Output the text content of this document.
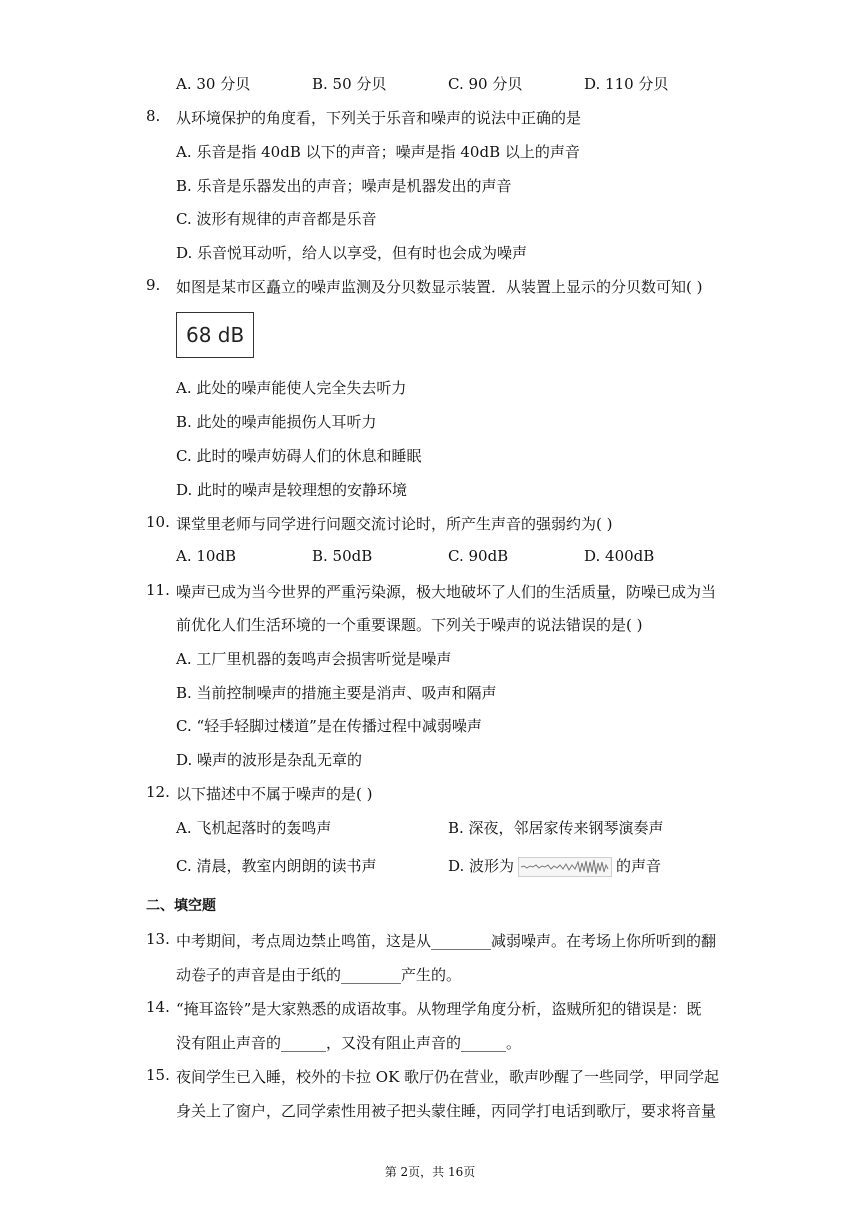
A. 30 分贝	B. 50 分贝	C. 90 分贝	D. 110 分贝
8. 从环境保护的角度看，下列关于乐音和噪声的说法中正确的是
A. 乐音是指 40dB 以下的声音；噪声是指 40dB 以上的声音
B. 乐音是乐器发出的声音；噪声是机器发出的声音
C. 波形有规律的声音都是乐音
D. 乐音悦耳动听，给人以享受，但有时也会成为噪声
9. 如图是某市区矗立的噪声监测及分贝数显示装置．从装置上显示的分贝数可知( )
68 dB
A. 此处的噪声能使人完全失去听力
B. 此处的噪声能损伤人耳听力
C. 此时的噪声妨碍人们的休息和睡眠
D. 此时的噪声是较理想的安静环境
10. 课堂里老师与同学进行问题交流讨论时，所产生声音的强弱约为( )
A. 10dB	B. 50dB	C. 90dB	D. 400dB
11. 噪声已成为当今世界的严重污染源，极大地破坏了人们的生活质量，防噪已成为当
前优化人们生活环境的一个重要课题。下列关于噪声的说法错误的是( )
A. 工厂里机器的轰鸣声会损害听觉是噪声
B. 当前控制噪声的措施主要是消声、吸声和隔声
C. “轻手轻脚过楼道”是在传播过程中减弱噪声
D. 噪声的波形是杂乱无章的
12. 以下描述中不属于噪声的是( )
A. 飞机起落时的轰鸣声	B. 深夜，邻居家传来钢琴演奏声
C. 清晨，教室内朗朗的读书声	D. 波形为	的声音
二、填空题
13. 中考期间，考点周边禁止鸣笛，这是从________减弱噪声。在考场上你所听到的翻
动卷子的声音是由于纸的________产生的。
14. “掩耳盗铃”是大家熟悉的成语故事。从物理学角度分析，盗贼所犯的错误是：既
没有阻止声音的______，又没有阻止声音的______。
15. 夜间学生已入睡，校外的卡拉 OK 歌厅仍在营业，歌声吵醒了一些同学，甲同学起
身关上了窗户，乙同学索性用被子把头蒙住睡，丙同学打电话到歌厅，要求将音量
第 2页，共 16页
